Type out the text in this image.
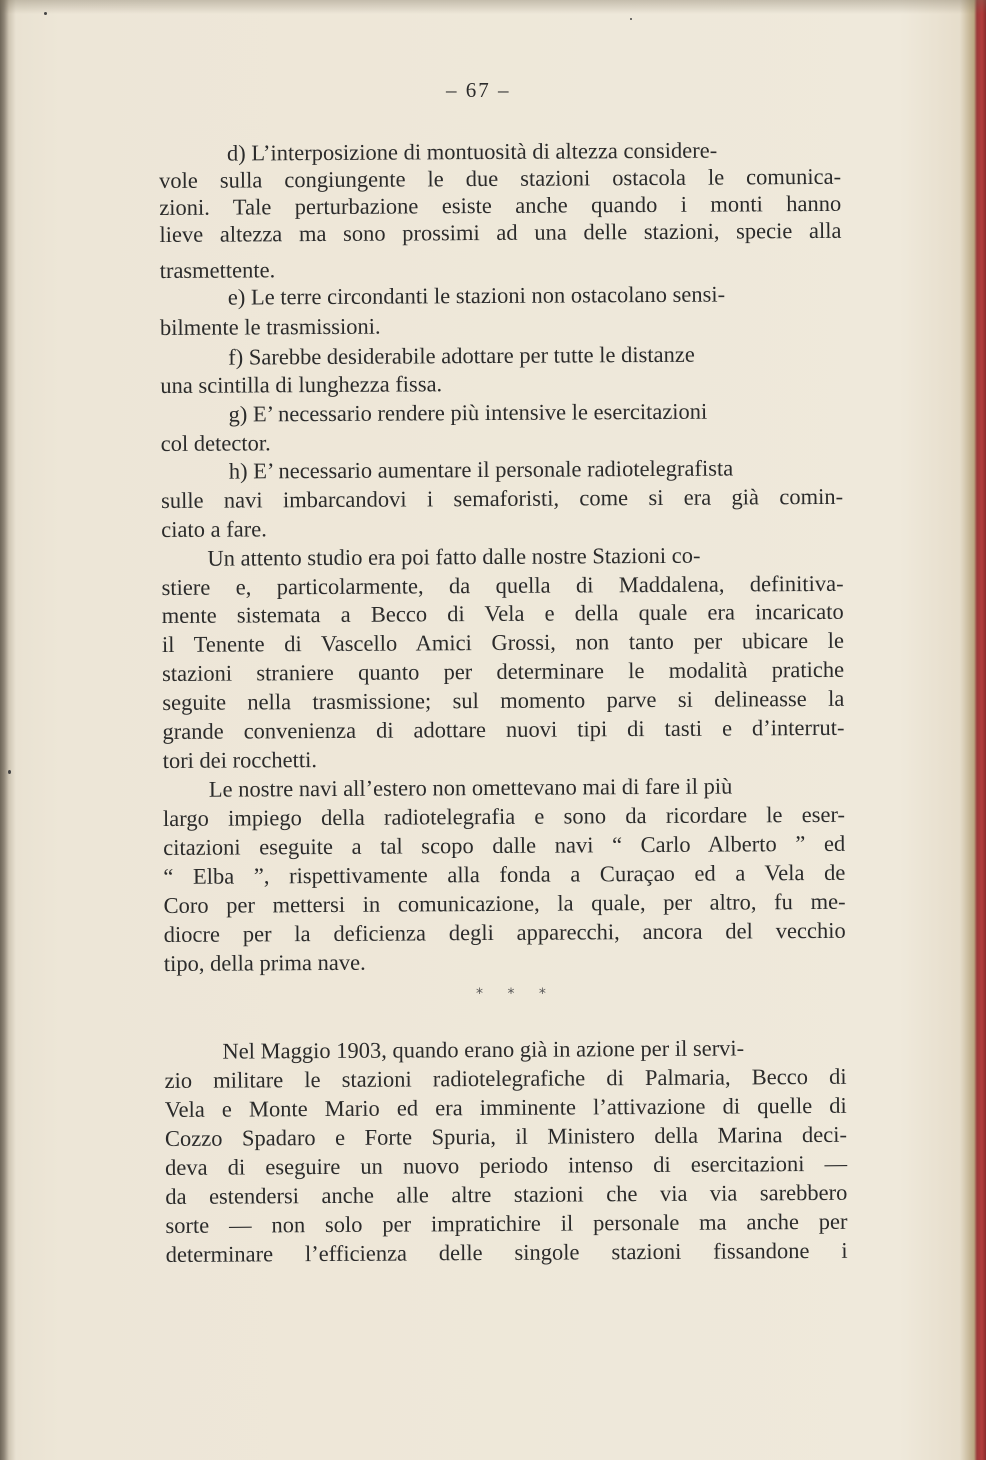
– 67 –
d) L’interposizione di montuosità di altezza considere-
vole sulla congiungente le due stazioni ostacola le comunica-
zioni. Tale perturbazione esiste anche quando i monti hanno
lieve altezza ma sono prossimi ad una delle stazioni, specie alla
trasmettente.
e) Le terre circondanti le stazioni non ostacolano sensi-
bilmente le trasmissioni.
f) Sarebbe desiderabile adottare per tutte le distanze
una scintilla di lunghezza fissa.
g) E’ necessario rendere più intensive le esercitazioni
col detector.
h) E’ necessario aumentare il personale radiotelegrafista
sulle navi imbarcandovi i semaforisti, come si era già comin-
ciato a fare.
Un attento studio era poi fatto dalle nostre Stazioni co-
stiere e, particolarmente, da quella di Maddalena, definitiva-
mente sistemata a Becco di Vela e della quale era incaricato
il Tenente di Vascello Amici Grossi, non tanto per ubicare le
stazioni straniere quanto per determinare le modalità pratiche
seguite nella trasmissione; sul momento parve si delineasse la
grande convenienza di adottare nuovi tipi di tasti e d’interrut-
tori dei rocchetti.
Le nostre navi all’estero non omettevano mai di fare il più
largo impiego della radiotelegrafia e sono da ricordare le eser-
citazioni eseguite a tal scopo dalle navi “ Carlo Alberto ” ed
“ Elba ”, rispettivamente alla fonda a Curaçao ed a Vela de
Coro per mettersi in comunicazione, la quale, per altro, fu me-
diocre per la deficienza degli apparecchi, ancora del vecchio
tipo, della prima nave.
Nel Maggio 1903, quando erano già in azione per il servi-
zio militare le stazioni radiotelegrafiche di Palmaria, Becco di
Vela e Monte Mario ed era imminente l’attivazione di quelle di
Cozzo Spadaro e Forte Spuria, il Ministero della Marina deci-
deva di eseguire un nuovo periodo intenso di esercitazioni —
da estendersi anche alle altre stazioni che via via sarebbero
sorte — non solo per impratichire il personale ma anche per
determinare l’efficienza delle singole stazioni fissandone i
* * *
